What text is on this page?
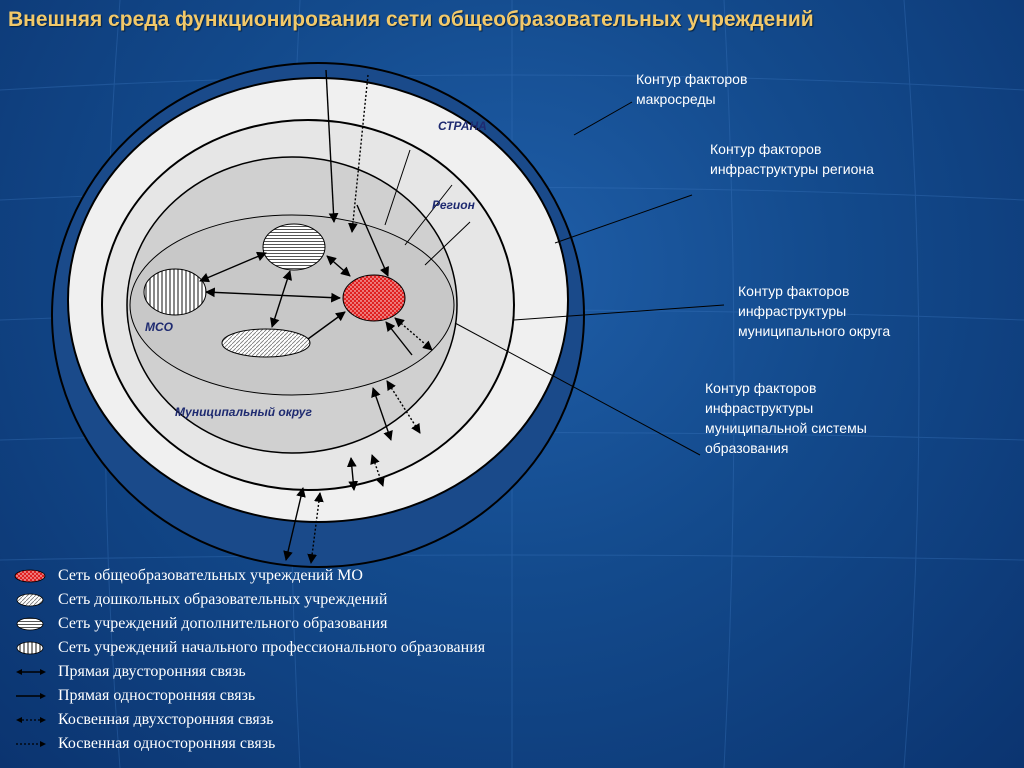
Внешняя среда функционирования сети общеобразовательных учреждений
СТРАНА
Регион
МСО
Муниципальный округ
Контур факторов
макросреды
Контур факторов
инфраструктуры региона
Контур факторов
инфраструктуры
муниципального округа
Контур факторов
инфраструктуры
муниципальной системы
образования
Сеть общеобразовательных учреждений МО
Сеть дошкольных образовательных учреждений
Сеть учреждений дополнительного образования
Сеть учреждений начального профессионального образования
Прямая двусторонняя связь
Прямая односторонняя связь
Косвенная двухсторонняя связь
Косвенная односторонняя связь
